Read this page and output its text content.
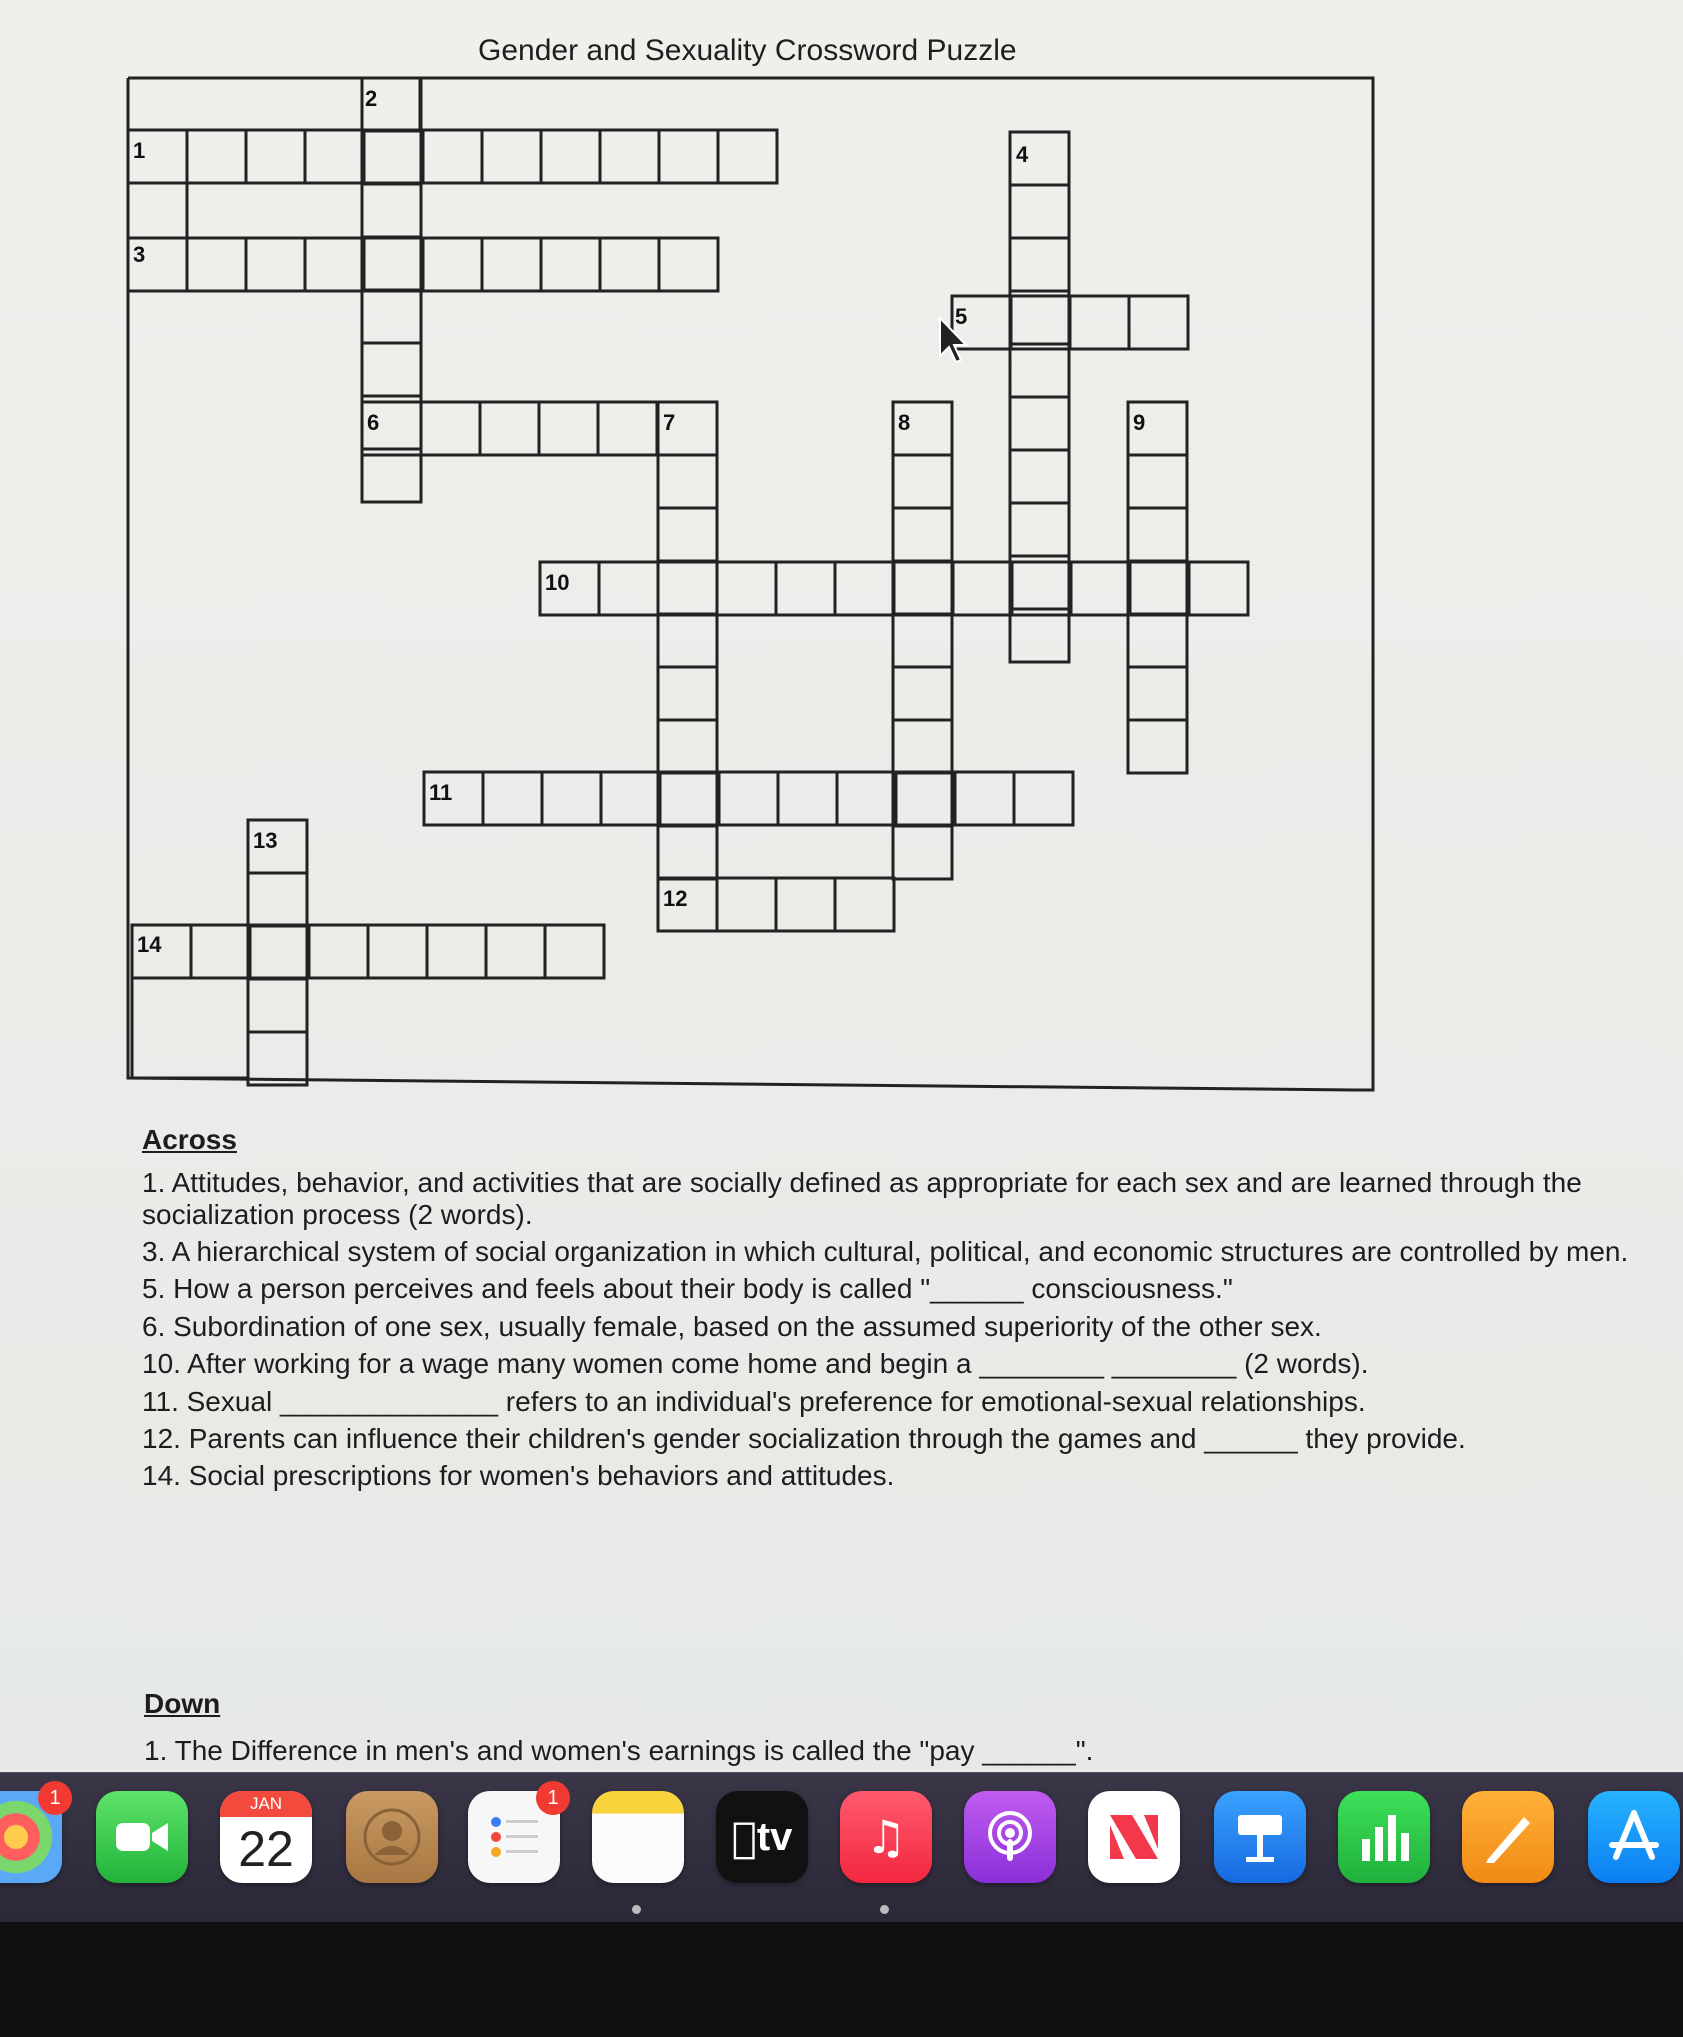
Gender and Sexuality Crossword Puzzle
1
2
3
4
5
6	7	8	9
10
11
12
13
14
Across
1. Attitudes, behavior, and activities that are socially defined as appropriate for each sex and are learned through the socialization process (2 words).
3. A hierarchical system of social organization in which cultural, political, and economic structures are controlled by men.
5. How a person perceives and feels about their body is called "______ consciousness."
6. Subordination of one sex, usually female, based on the assumed superiority of the other sex.
10. After working for a wage many women come home and begin a ________ ________ (2 words).
11. Sexual ______________ refers to an individual's preference for emotional-sexual relationships.
12. Parents can influence their children's gender socialization through the games and ______ they provide.
14. Social prescriptions for women's behaviors and attitudes.
Down
1. The Difference in men's and women's earnings is called the "pay ______".
1	JAN
22
1
tv	♫
